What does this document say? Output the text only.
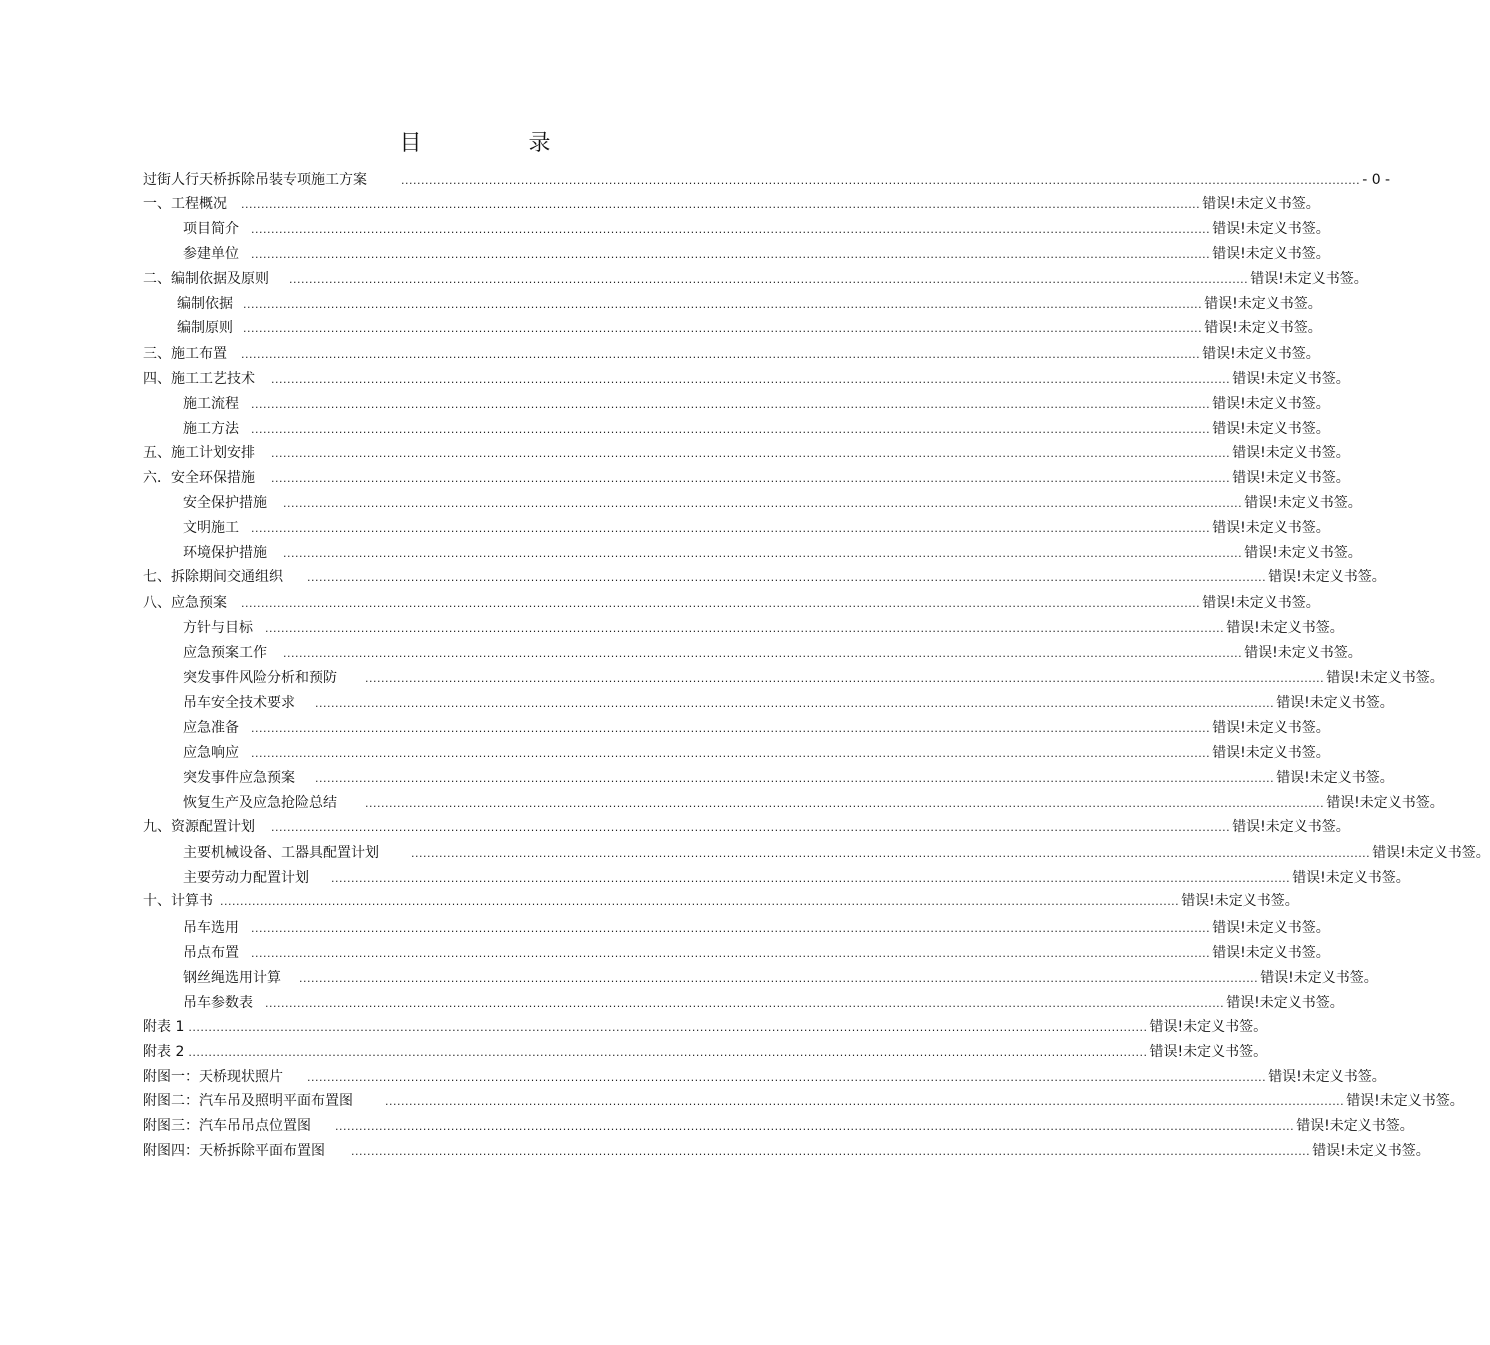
目 录
过街人行天桥拆除吊装专项施工方案	................................................................................................................................................................................................................................................ - 0 -
一、工程概况 ................................................................................................................................................................................................................................................ 错误!未定义书签。
项目简介 ................................................................................................................................................................................................................................................ 错误!未定义书签。
参建单位 ................................................................................................................................................................................................................................................ 错误!未定义书签。
二、编制依据及原则 ................................................................................................................................................................................................................................................ 错误!未定义书签。
编制依据 ................................................................................................................................................................................................................................................ 错误!未定义书签。
编制原则 ................................................................................................................................................................................................................................................ 错误!未定义书签。
三、施工布置 ................................................................................................................................................................................................................................................ 错误!未定义书签。
四、施工工艺技术 ................................................................................................................................................................................................................................................ 错误!未定义书签。
施工流程 ................................................................................................................................................................................................................................................ 错误!未定义书签。
施工方法 ................................................................................................................................................................................................................................................ 错误!未定义书签。
五、施工计划安排 ................................................................................................................................................................................................................................................ 错误!未定义书签。
六．安全环保措施 ................................................................................................................................................................................................................................................ 错误!未定义书签。
安全保护措施 ................................................................................................................................................................................................................................................ 错误!未定义书签。
文明施工 ................................................................................................................................................................................................................................................ 错误!未定义书签。
环境保护措施 ................................................................................................................................................................................................................................................ 错误!未定义书签。
七、拆除期间交通组织 ................................................................................................................................................................................................................................................ 错误!未定义书签。
八、应急预案 ................................................................................................................................................................................................................................................ 错误!未定义书签。
方针与目标 ................................................................................................................................................................................................................................................ 错误!未定义书签。
应急预案工作 ................................................................................................................................................................................................................................................ 错误!未定义书签。
突发事件风险分析和预防	................................................................................................................................................................................................................................................ 错误!未定义书签。
吊车安全技术要求 ................................................................................................................................................................................................................................................ 错误!未定义书签。
应急准备 ................................................................................................................................................................................................................................................ 错误!未定义书签。
应急响应 ................................................................................................................................................................................................................................................ 错误!未定义书签。
突发事件应急预案 ................................................................................................................................................................................................................................................ 错误!未定义书签。
恢复生产及应急抢险总结	................................................................................................................................................................................................................................................ 错误!未定义书签。
九、资源配置计划 ................................................................................................................................................................................................................................................ 错误!未定义书签。
主要机械设备、工器具配置计划	................................................................................................................................................................................................................................................ 错误!未定义书签。
主要劳动力配置计划 ................................................................................................................................................................................................................................................ 错误!未定义书签。
十、计算书 ................................................................................................................................................................................................................................................ 错误!未定义书签。
吊车选用 ................................................................................................................................................................................................................................................ 错误!未定义书签。
吊点布置 ................................................................................................................................................................................................................................................ 错误!未定义书签。
钢丝绳选用计算 ................................................................................................................................................................................................................................................ 错误!未定义书签。
吊车参数表 ................................................................................................................................................................................................................................................ 错误!未定义书签。
附表 1 ................................................................................................................................................................................................................................................ 错误!未定义书签。
附表 2 ................................................................................................................................................................................................................................................ 错误!未定义书签。
附图一：天桥现状照片 ................................................................................................................................................................................................................................................ 错误!未定义书签。
附图二：汽车吊及照明平面布置图	................................................................................................................................................................................................................................................ 错误!未定义书签。
附图三：汽车吊吊点位置图 ................................................................................................................................................................................................................................................ 错误!未定义书签。
附图四：天桥拆除平面布置图 ................................................................................................................................................................................................................................................ 错误!未定义书签。
